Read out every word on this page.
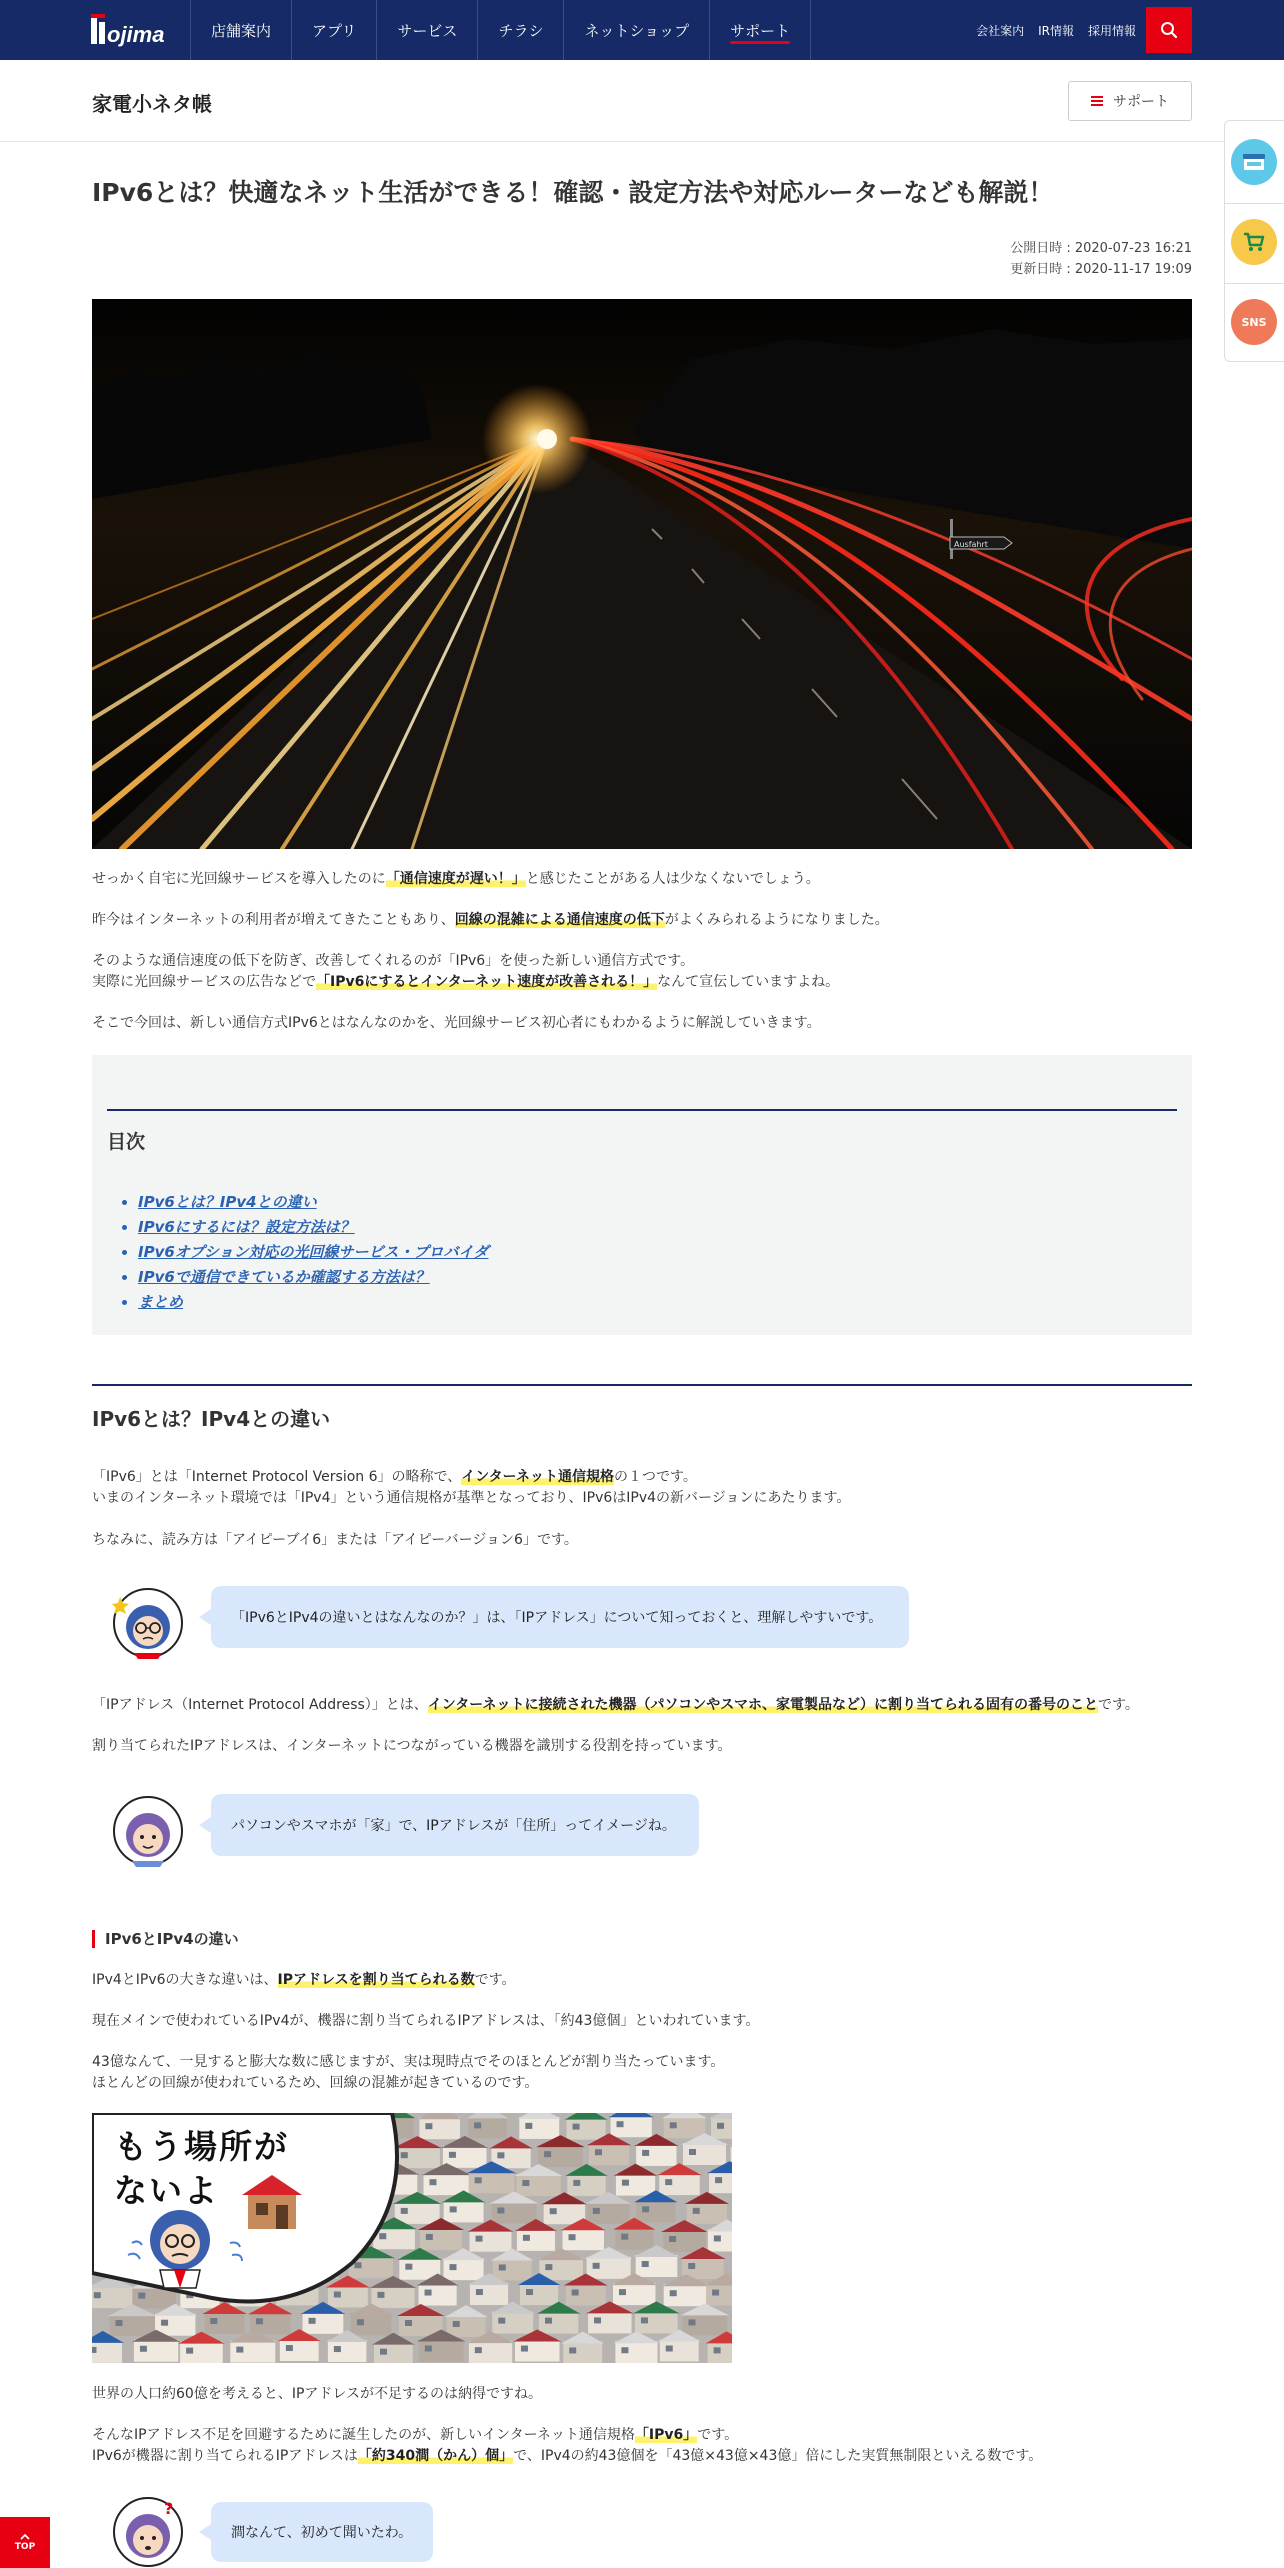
ojima	店舗案内	アプリ	サービス	チラシ	ネットショップ	サポート	会社案内 IR情報 採用情報
家電小ネタ帳	サポート
SNS
IPv6とは？快適なネット生活ができる！確認・設定方法や対応ルーターなども解説！
公開日時 : 2020-07-23 16:21
更新日時 : 2020-11-17 19:09
Ausfahrt

せっかく自宅に光回線サービスを導入したのに「通信速度が遅い！」と感じたことがある人は少なくないでしょう。

昨今はインターネットの利用者が増えてきたこともあり、回線の混雑による通信速度の低下がよくみられるようになりました。

そのような通信速度の低下を防ぎ、改善してくれるのが「IPv6」を使った新しい通信方式です。
実際に光回線サービスの広告などで「IPv6にするとインターネット速度が改善される！」なんて宣伝していますよね。

そこで今回は、新しい通信方式IPv6とはなんなのかを、光回線サービス初心者にもわかるように解説していきます。

目次
• IPv6とは？IPv4との違い
• IPv6にするには？設定方法は？
• IPv6オプション対応の光回線サービス・プロバイダ
• IPv6で通信できているか確認する方法は？
• まとめ
IPv6とは？IPv4との違い

「IPv6」とは「Internet Protocol Version 6」の略称で、インターネット通信規格の１つです。
いまのインターネット環境では「IPv4」という通信規格が基準となっており、IPv6はIPv4の新バージョンにあたります。

ちなみに、読み方は「アイピーブイ6」または「アイピーバージョン6」です。

「IPv6とIPv4の違いとはなんなのか？」は、「IPアドレス」について知っておくと、理解しやすいです。

「IPアドレス（Internet Protocol Address）」とは、インターネットに接続された機器（パソコンやスマホ、家電製品など）に割り当てられる固有の番号のことです。

割り当てられたIPアドレスは、インターネットにつながっている機器を識別する役割を持っています。

パソコンやスマホが「家」で、IPアドレスが「住所」ってイメージね。
IPv6とIPv4の違い

IPv4とIPv6の大きな違いは、IPアドレスを割り当てられる数です。

現在メインで使われているIPv4が、機器に割り当てられるIPアドレスは、「約43億個」といわれています。

43億なんて、一見すると膨大な数に感じますが、実は現時点でそのほとんどが割り当たっています。
ほとんどの回線が使われているため、回線の混雑が起きているのです。

もう場所が
ないよ

世界の人口約60億を考えると、IPアドレスが不足するのは納得ですね。

そんなIPアドレス不足を回避するために誕生したのが、新しいインターネット通信規格「IPv6」です。
IPv6が機器に割り当てられるIPアドレスは「約340澗（かん）個」で、IPv4の約43億個を「43億×43億×43億」倍にした実質無制限といえる数です。

?
澗なんて、初めて聞いたわ。
TOP
